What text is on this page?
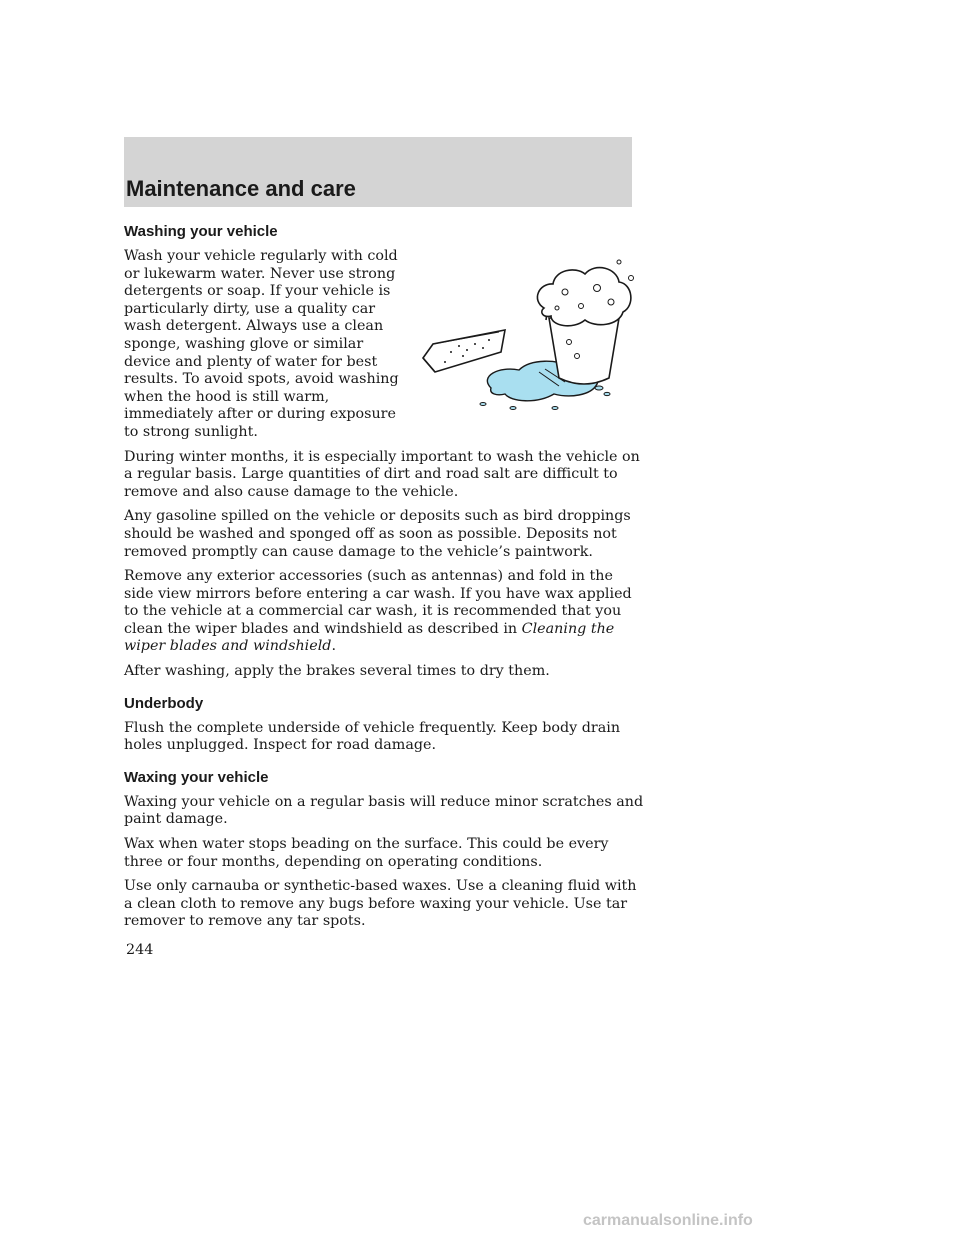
Maintenance and care
Washing your vehicle

Wash your vehicle regularly with cold or lukewarm water. Never use strong detergents or soap. If your vehicle is particularly dirty, use a quality car wash detergent. Always use a clean sponge, washing glove or similar device and plenty of water for best results. To avoid spots, avoid washing when the hood is still warm, immediately after or during exposure to strong sunlight.

During winter months, it is especially important to wash the vehicle on a regular basis. Large quantities of dirt and road salt are difficult to remove and also cause damage to the vehicle.

Any gasoline spilled on the vehicle or deposits such as bird droppings should be washed and sponged off as soon as possible. Deposits not removed promptly can cause damage to the vehicle’s paintwork.

Remove any exterior accessories (such as antennas) and fold in the side view mirrors before entering a car wash. If you have wax applied to the vehicle at a commercial car wash, it is recommended that you clean the wiper blades and windshield as described in Cleaning the wiper blades and windshield.

After washing, apply the brakes several times to dry them.

Underbody

Flush the complete underside of vehicle frequently. Keep body drain holes unplugged. Inspect for road damage.

Waxing your vehicle

Waxing your vehicle on a regular basis will reduce minor scratches and paint damage.

Wax when water stops beading on the surface. This could be every three or four months, depending on operating conditions.

Use only carnauba or synthetic-based waxes. Use a cleaning fluid with a clean cloth to remove any bugs before waxing your vehicle. Use tar remover to remove any tar spots.

244
carmanualsonline.info
